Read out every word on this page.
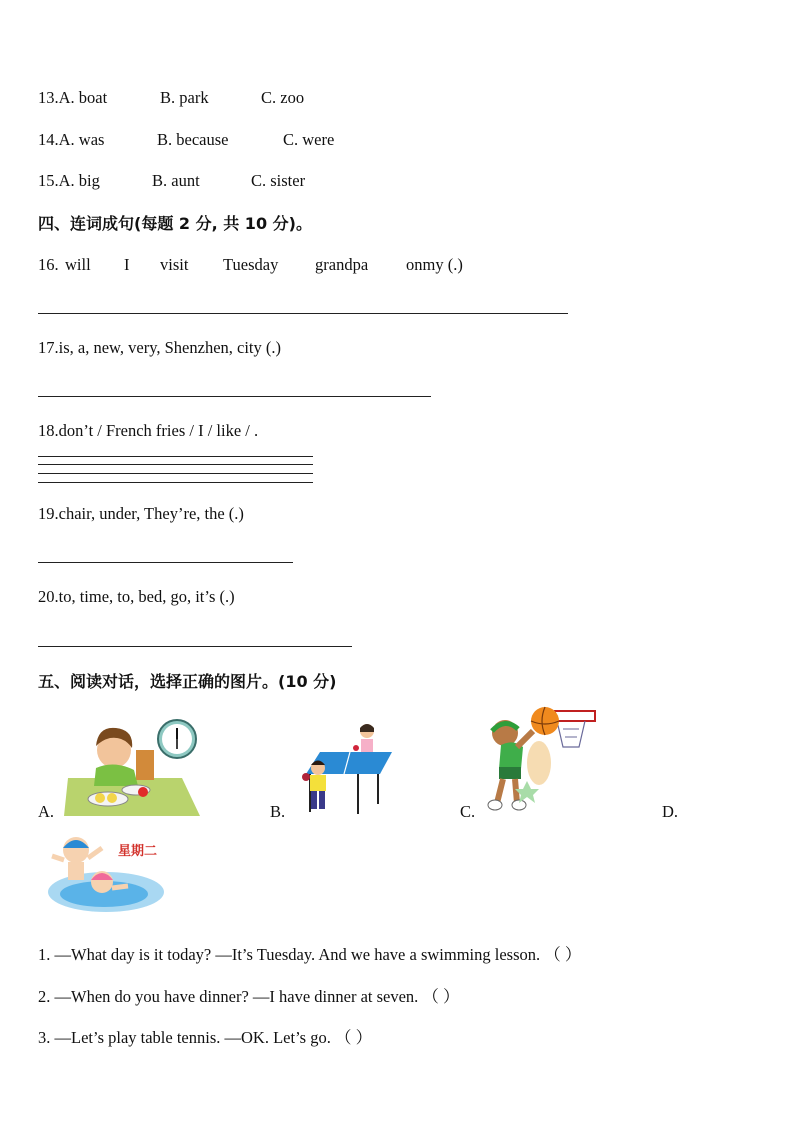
13.A. boat	B. park	C. zoo
14.A. was	B. because	C. were
15.A. big	B. aunt	C. sister
四、连词成句(每题 2 分, 共 10 分)。
16. will I visit Tuesday grandpa onmy (.)
17.is, a, new, very, Shenzhen, city (.)
18.don’t / French fries / I / like / .
19.chair, under, They’re, the (.)
20.to, time, to, bed, go, it’s (.)
五、阅读对话，选择正确的图片。(10 分)
A.	B.	C.	D.
星期二
1. —What day is it today? —It’s Tuesday. And we have a swimming lesson. （ ）
2. —When do you have dinner? —I have dinner at seven. （ ）
3. —Let’s play table tennis. —OK. Let’s go. （ ）
